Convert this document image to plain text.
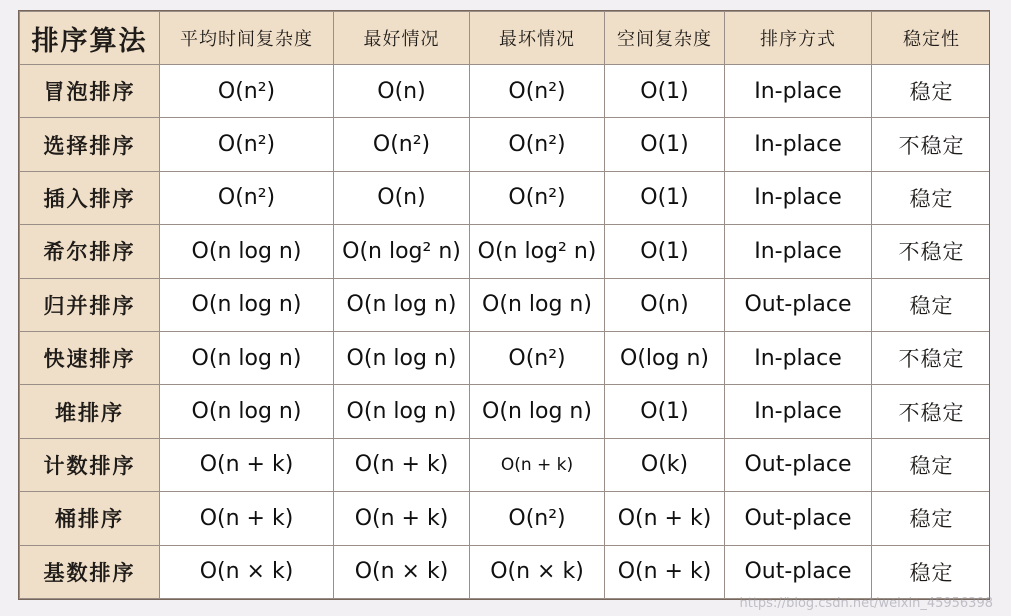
排序算法	平均时间复杂度	最好情况	最坏情况	空间复杂度	排序方式	稳定性
冒泡排序	O(n²)	O(n)	O(n²)	O(1)	In-place	稳定
选择排序	O(n²)	O(n²)	O(n²)	O(1)	In-place	不稳定
插入排序	O(n²)	O(n)	O(n²)	O(1)	In-place	稳定
希尔排序	O(n log n)	O(n log² n)	O(n log² n)	O(1)	In-place	不稳定
归并排序	O(n log n)	O(n log n)	O(n log n)	O(n)	Out-place	稳定
快速排序	O(n log n)	O(n log n)	O(n²)	O(log n)	In-place	不稳定
堆排序	O(n log n)	O(n log n)	O(n log n)	O(1)	In-place	不稳定
计数排序	O(n + k)	O(n + k)	O(n + k)	O(k)	Out-place	稳定
桶排序	O(n + k)	O(n + k)	O(n²)	O(n + k)	Out-place	稳定
基数排序	O(n × k)	O(n × k)	O(n × k)	O(n + k)	Out-place	稳定
https://blog.csdn.net/weixin_45956398
